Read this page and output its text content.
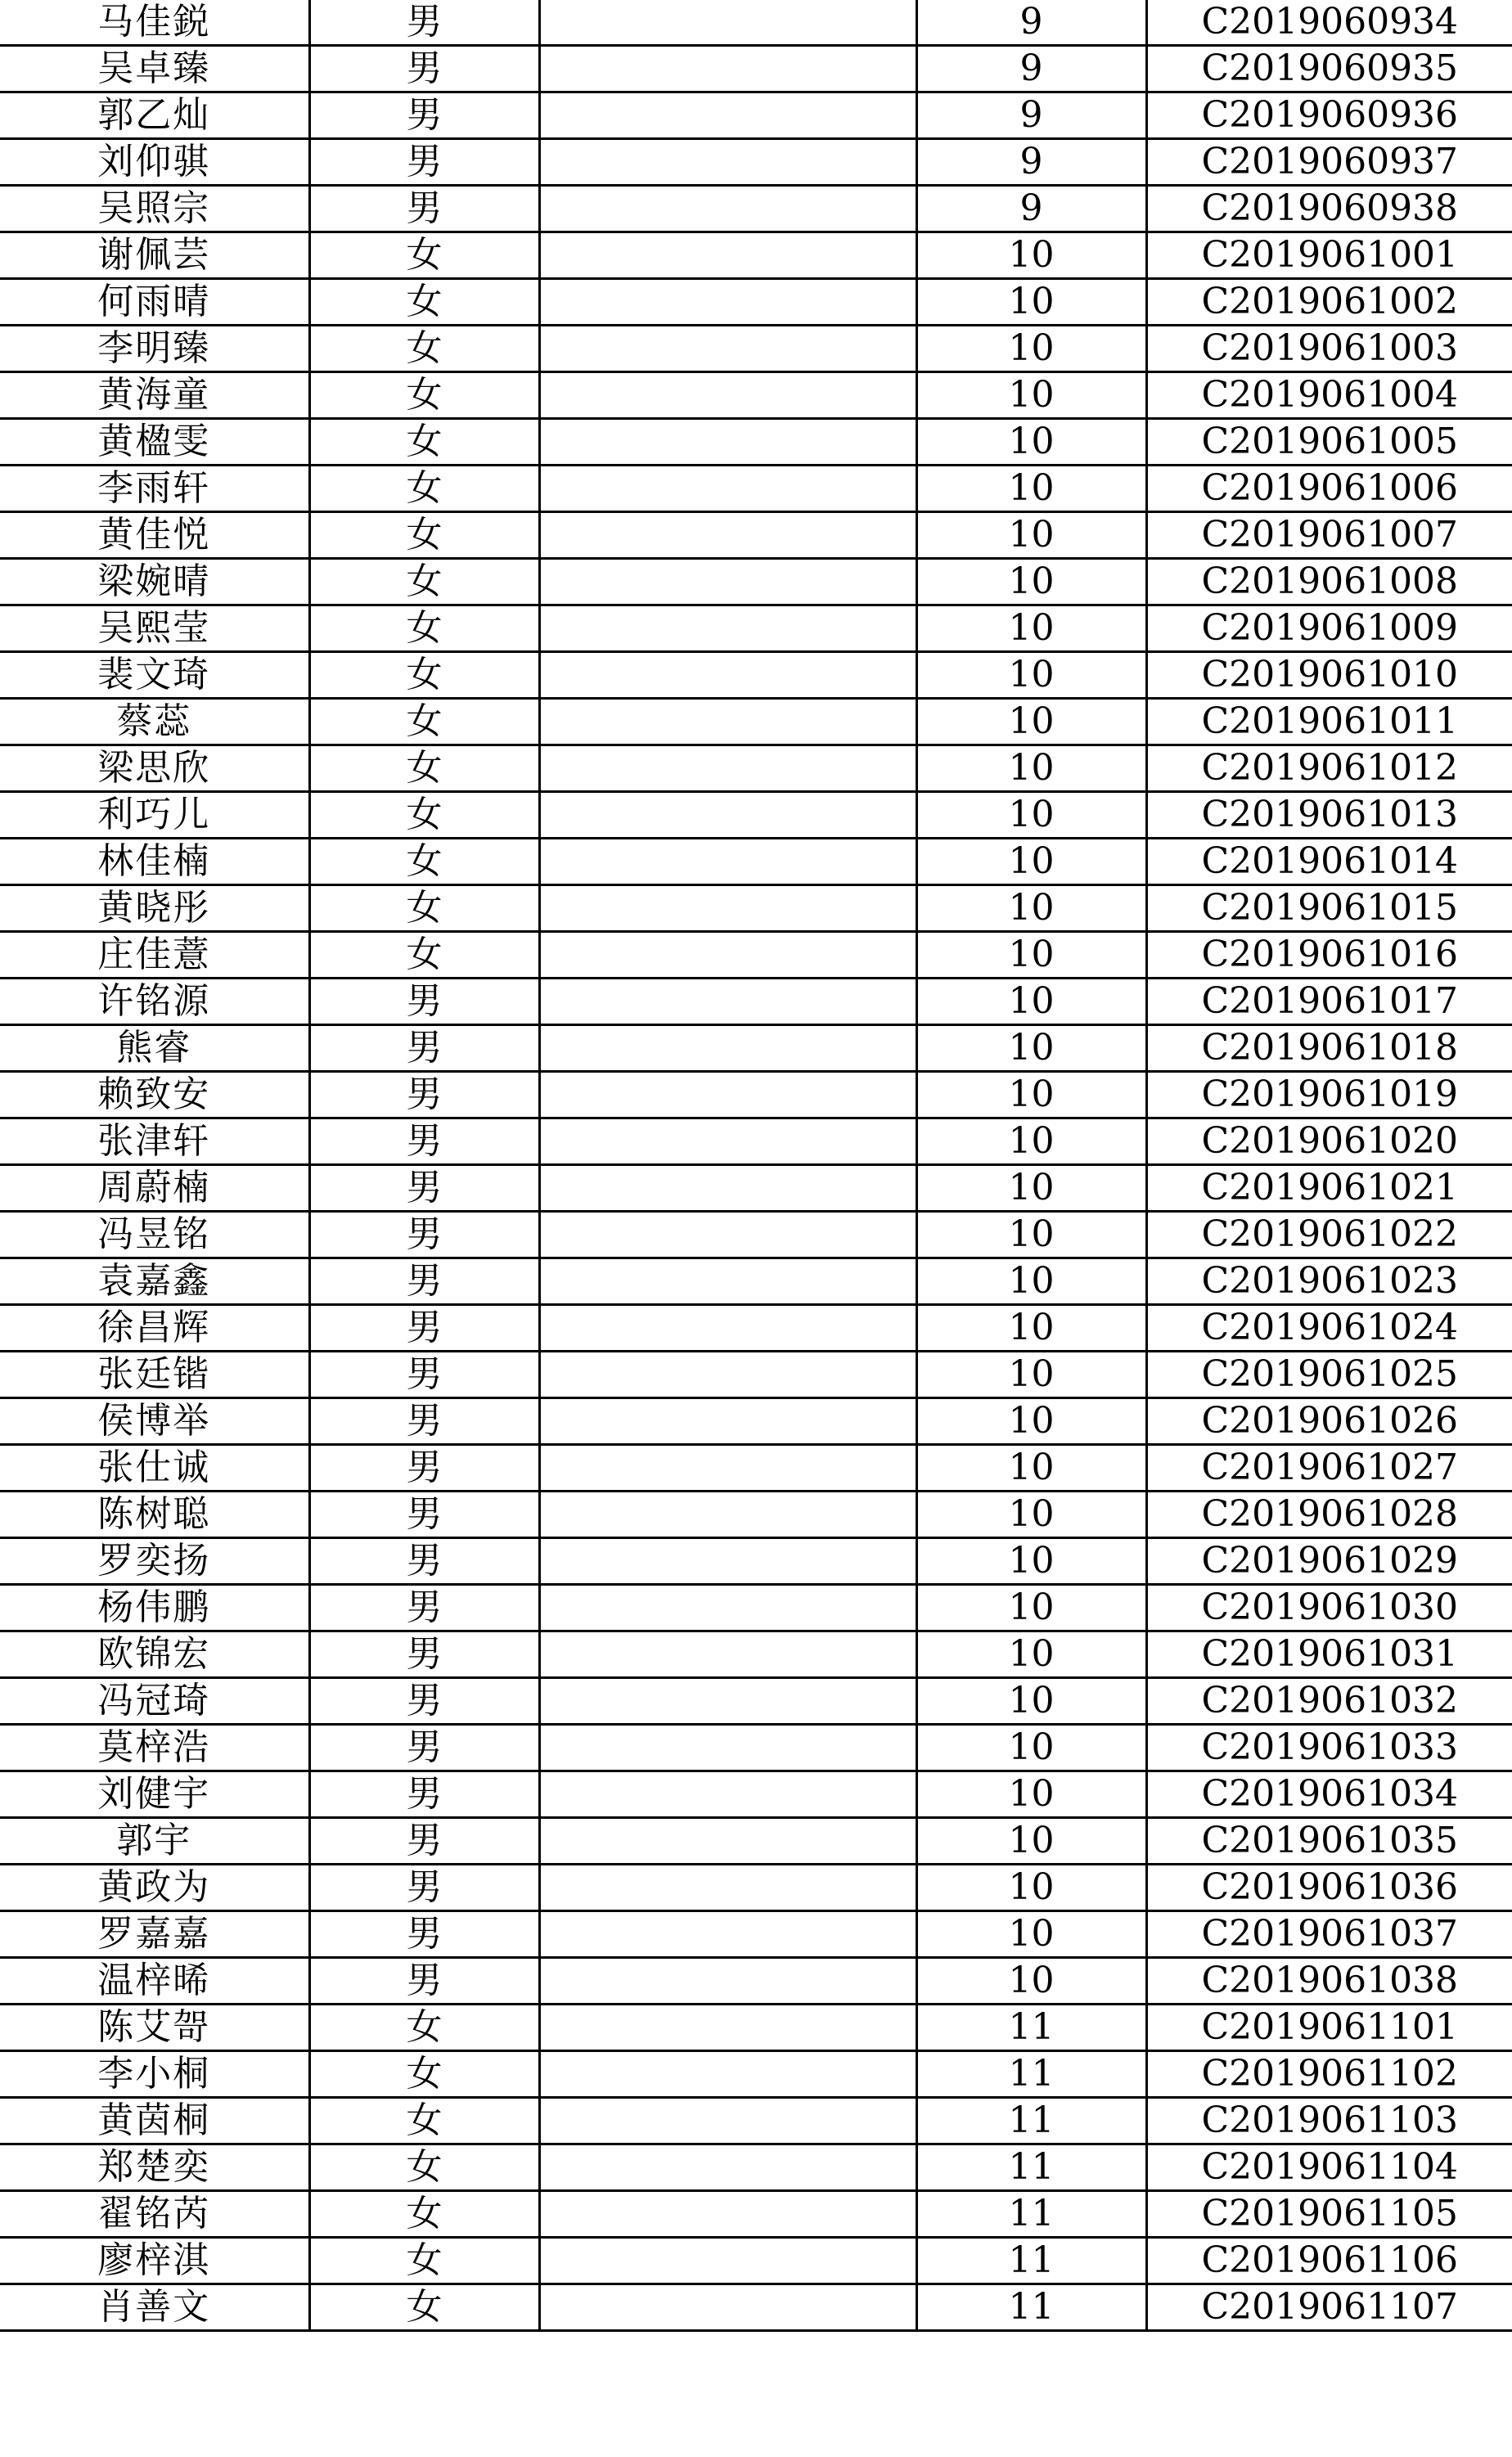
马佳鋭	男		9	C2019060934
吴卓臻	男		9	C2019060935
郭乙灿	男		9	C2019060936
刘仰骐	男		9	C2019060937
吴照宗	男		9	C2019060938
谢佩芸	女		10	C2019061001
何雨晴	女		10	C2019061002
李明臻	女		10	C2019061003
黄海童	女		10	C2019061004
黄楹雯	女		10	C2019061005
李雨轩	女		10	C2019061006
黄佳悦	女		10	C2019061007
梁婉晴	女		10	C2019061008
吴熙莹	女		10	C2019061009
裴文琦	女		10	C2019061010
蔡蕊	女		10	C2019061011
梁思欣	女		10	C2019061012
利巧儿	女		10	C2019061013
林佳楠	女		10	C2019061014
黄晓彤	女		10	C2019061015
庄佳薏	女		10	C2019061016
许铭源	男		10	C2019061017
熊睿	男		10	C2019061018
赖致安	男		10	C2019061019
张津轩	男		10	C2019061020
周蔚楠	男		10	C2019061021
冯昱铭	男		10	C2019061022
袁嘉鑫	男		10	C2019061023
徐昌辉	男		10	C2019061024
张廷锴	男		10	C2019061025
侯博举	男		10	C2019061026
张仕诚	男		10	C2019061027
陈树聪	男		10	C2019061028
罗奕扬	男		10	C2019061029
杨伟鹏	男		10	C2019061030
欧锦宏	男		10	C2019061031
冯冠琦	男		10	C2019061032
莫梓浩	男		10	C2019061033
刘健宇	男		10	C2019061034
郭宇	男		10	C2019061035
黄政为	男		10	C2019061036
罗嘉嘉	男		10	C2019061037
温梓晞	男		10	C2019061038
陈艾哿	女		11	C2019061101
李小桐	女		11	C2019061102
黄茵桐	女		11	C2019061103
郑楚奕	女		11	C2019061104
翟铭芮	女		11	C2019061105
廖梓淇	女		11	C2019061106
肖善文	女		11	C2019061107
